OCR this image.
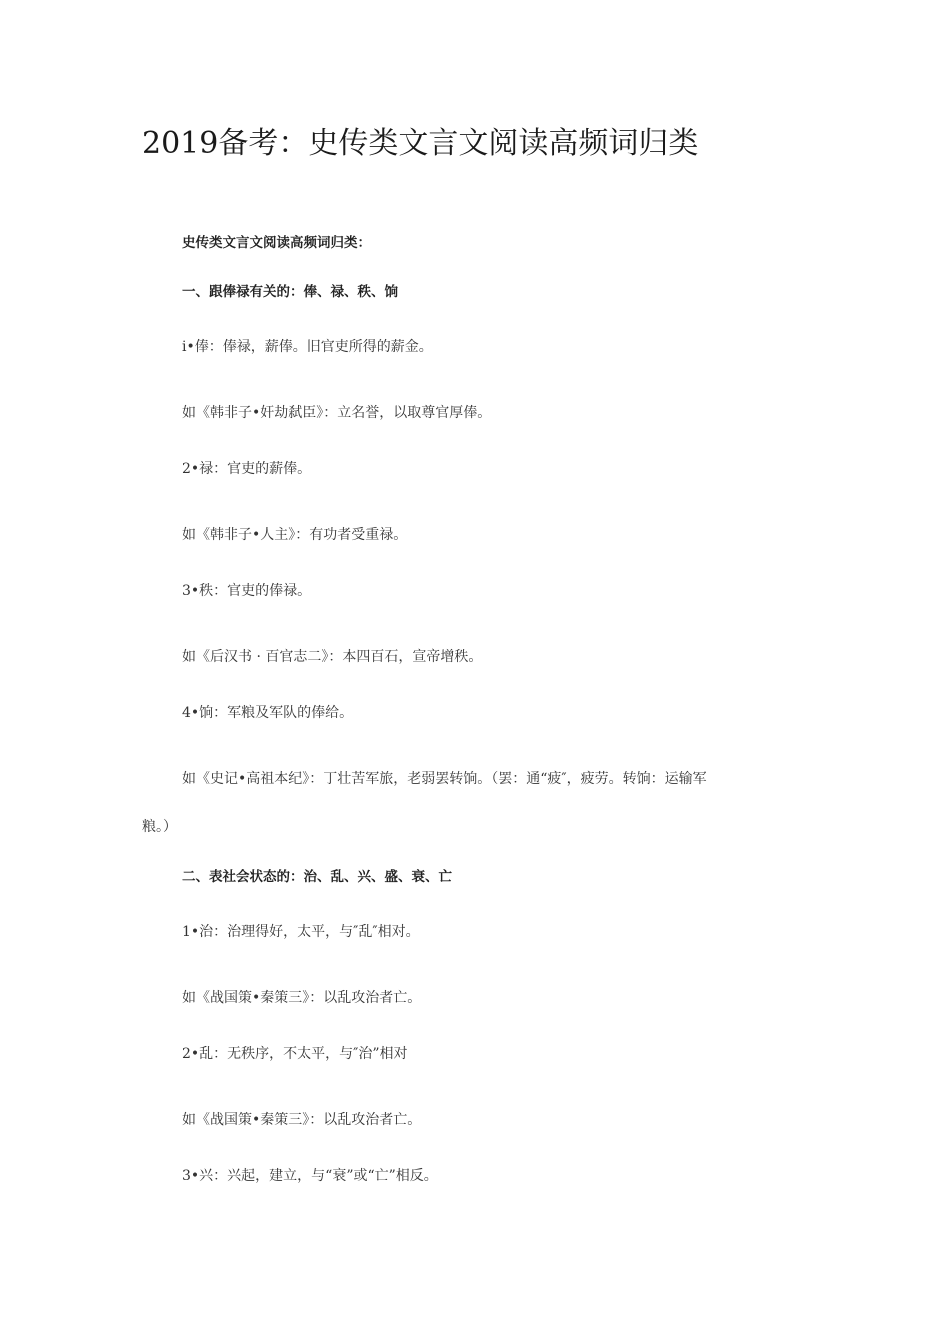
2019备考：史传类文言文阅读高频词归类
史传类文言文阅读高频词归类：
一、跟俸禄有关的：俸、禄、秩、饷
i•俸：俸禄，薪俸。旧官吏所得的薪金。
如《韩非子•奸劫弑臣》：立名誉，以取尊官厚俸。
2•禄：官吏的薪俸。
如《韩非子•人主》：有功者受重禄。
3•秩：官吏的俸禄。
如《后汉书 · 百官志二》：本四百石，宣帝增秩。
4•饷：军粮及军队的俸给。
如《史记•高祖本纪》：丁壮苦军旅，老弱罢转饷。（罢：通“疲″，疲劳。转饷：运输军
粮。）
二、表社会状态的：治、乱、兴、盛、衰、亡
1•治：治理得好，太平，与″乱″相对。
如《战国策•秦策三》：以乱攻治者亡。
2•乱：无秩序，不太平，与″治”相对
如《战国策•秦策三》：以乱攻治者亡。
3•兴：兴起，建立，与“衰”或“亡”相反。
